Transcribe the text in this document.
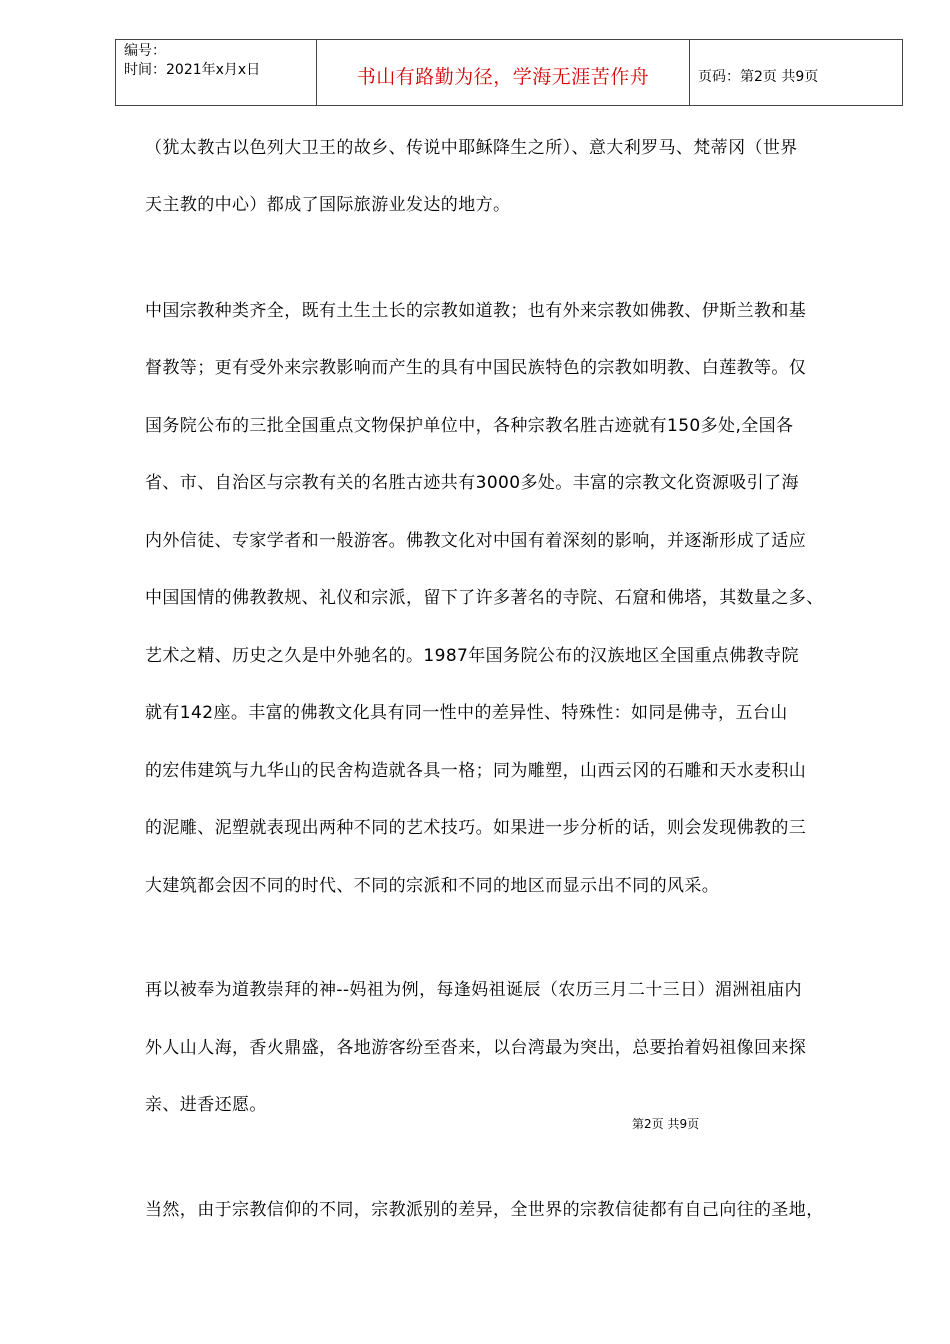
编号：
时间：2021年x月x日	书山有路勤为径，学海无涯苦作舟	页码：第2页 共9页
（犹太教古以色列大卫王的故乡、传说中耶稣降生之所）、意大利罗马、梵蒂冈（世界
天主教的中心）都成了国际旅游业发达的地方。
中国宗教种类齐全，既有土生土长的宗教如道教；也有外来宗教如佛教、伊斯兰教和基
督教等；更有受外来宗教影响而产生的具有中国民族特色的宗教如明教、白莲教等。仅
国务院公布的三批全国重点文物保护单位中，各种宗教名胜古迹就有150多处,全国各
省、市、自治区与宗教有关的名胜古迹共有3000多处。丰富的宗教文化资源吸引了海
内外信徒、专家学者和一般游客。佛教文化对中国有着深刻的影响，并逐渐形成了适应
中国国情的佛教教规、礼仪和宗派，留下了许多著名的寺院、石窟和佛塔，其数量之多、
艺术之精、历史之久是中外驰名的。1987年国务院公布的汉族地区全国重点佛教寺院
就有142座。丰富的佛教文化具有同一性中的差异性、特殊性：如同是佛寺，五台山
的宏伟建筑与九华山的民舍构造就各具一格；同为雕塑，山西云冈的石雕和天水麦积山
的泥雕、泥塑就表现出两种不同的艺术技巧。如果进一步分析的话，则会发现佛教的三
大建筑都会因不同的时代、不同的宗派和不同的地区而显示出不同的风采。
再以被奉为道教崇拜的神--妈祖为例，每逢妈祖诞辰（农历三月二十三日）湄洲祖庙内
外人山人海，香火鼎盛，各地游客纷至沓来，以台湾最为突出，总要抬着妈祖像回来探
亲、进香还愿。
第2页 共9页
当然，由于宗教信仰的不同，宗教派别的差异，全世界的宗教信徒都有自己向往的圣地，
